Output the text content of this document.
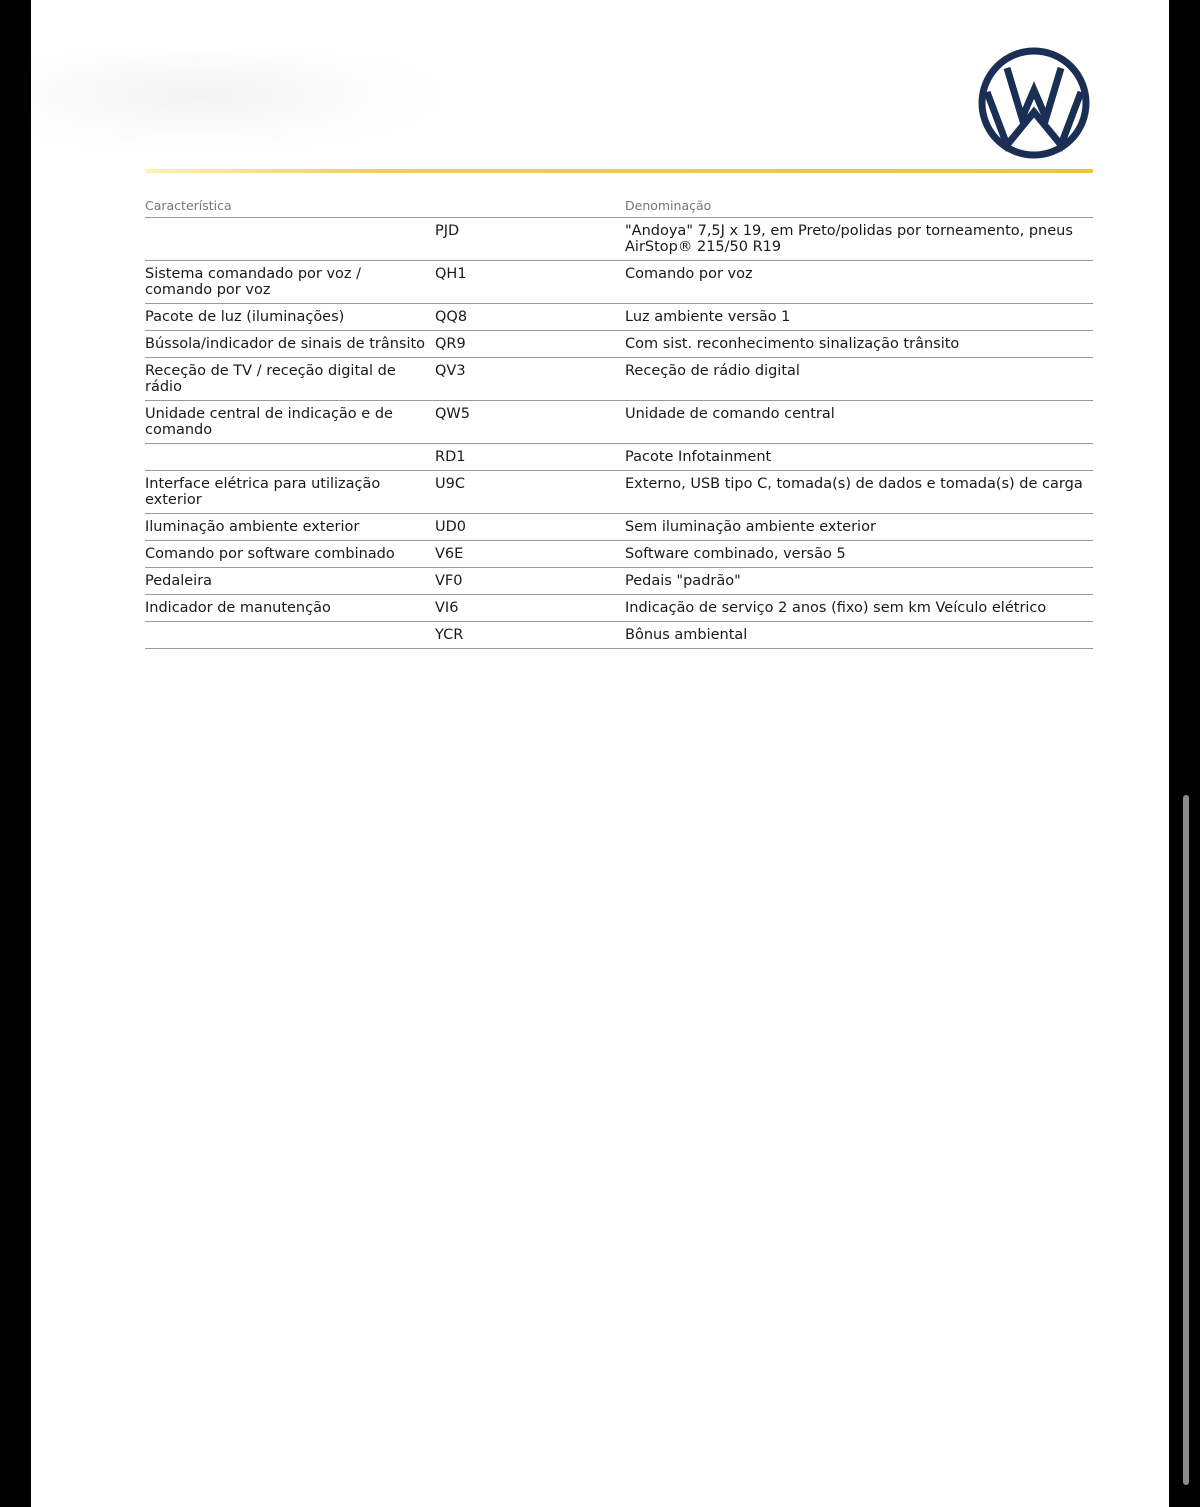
Característica		Denominação
	PJD	"Andoya" 7,5J x 19, em Preto/polidas por torneamento, pneus AirStop® 215/50 R19
Sistema comandado por voz / comando por voz	QH1	Comando por voz
Pacote de luz (iluminações)	QQ8	Luz ambiente versão 1
Bússola/indicador de sinais de trânsito	QR9	Com sist. reconhecimento sinalização trânsito
Receção de TV / receção digital de rádio	QV3	Receção de rádio digital
Unidade central de indicação e de comando	QW5	Unidade de comando central
	RD1	Pacote Infotainment
Interface elétrica para utilização exterior	U9C	Externo, USB tipo C, tomada(s) de dados e tomada(s) de carga
Iluminação ambiente exterior	UD0	Sem iluminação ambiente exterior
Comando por software combinado	V6E	Software combinado, versão 5
Pedaleira	VF0	Pedais "padrão"
Indicador de manutenção	VI6	Indicação de serviço 2 anos (fixo) sem km Veículo elétrico
	YCR	Bônus ambiental
